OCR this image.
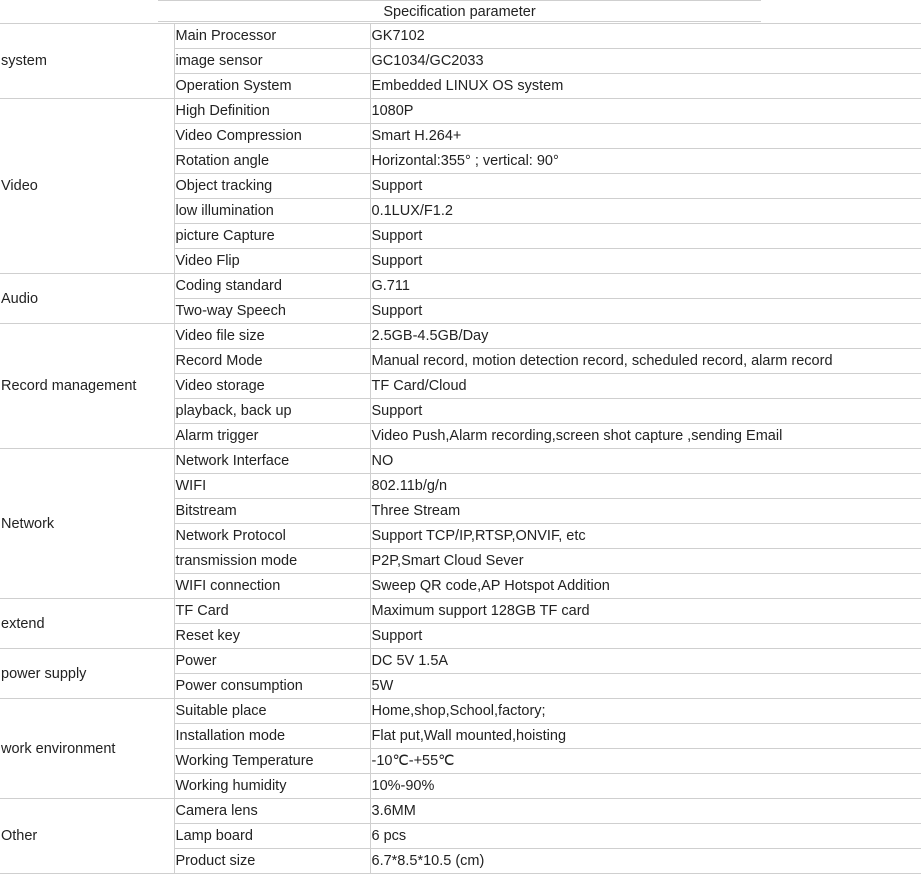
Specification parameter
system	Main Processor	GK7102
	image sensor	GC1034/GC2033
	Operation System	Embedded LINUX OS system
Video	High Definition	1080P
	Video Compression	Smart H.264+
	Rotation angle	Horizontal:355° ; vertical: 90°
	Object tracking	Support
	low illumination	0.1LUX/F1.2
	picture Capture	Support
	Video Flip	Support
Audio	Coding standard	G.711
	Two-way Speech	Support
Record management	Video file size	2.5GB-4.5GB/Day
	Record Mode	Manual record, motion detection record, scheduled record, alarm record
	Video storage	TF Card/Cloud
	playback, back up	Support
	Alarm trigger	Video Push,Alarm recording,screen shot capture ,sending Email
Network	Network Interface	NO
	WIFI	802.11b/g/n
	Bitstream	Three Stream
	Network Protocol	Support TCP/IP,RTSP,ONVIF, etc
	transmission mode	P2P,Smart Cloud Sever
	WIFI connection	Sweep QR code,AP Hotspot Addition
extend	TF Card	Maximum support 128GB TF card
	Reset key	Support
power supply	Power	DC 5V 1.5A
	Power consumption	5W
work environment	Suitable place	Home,shop,School,factory;
	Installation mode	Flat put,Wall mounted,hoisting
	Working Temperature	-10℃-+55℃
	Working humidity	10%-90%
Other	Camera lens	3.6MM
	Lamp board	6 pcs
	Product size	6.7*8.5*10.5 (cm)
